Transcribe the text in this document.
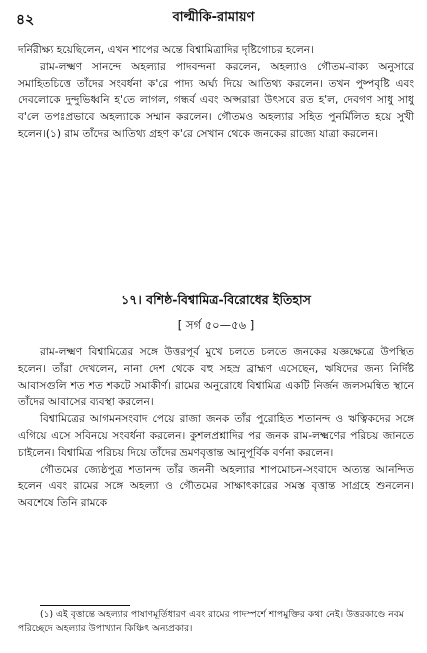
৪২	বাল্মীকি-রামায়ণ

দর্নিরীক্ষ্য হয়েছিলেন, এখন শাপের অন্তে বিশ্বামিত্রাদির দৃষ্টিগোচর হলেন।

রাম-লক্ষ্মণ সানন্দে অহল্যার পাদবন্দনা করলেন, অহল্যাও গৌতম-বাক্য অনুসারে সমাহিতচিত্তে তাঁদের সংবর্ধনা ক'রে পাদ্য অর্ঘ্য দিয়ে আতিথ্য করলেন। তখন পুষ্পবৃষ্টি এবং দেবলোকে দুন্দুভিধ্বনি হ'তে লাগল, গন্ধর্ব এবং অপ্সরারা উৎসবে রত হ'ল, দেবগণ সাধু সাধু ব'লে তপঃপ্রভাবে অহল্যাকে সম্মান করলেন। গৌতমও অহল্যার সহিত পুনর্মিলিত হয়ে সুখী হলেন।(১) রাম তাঁদের আতিথ্য গ্রহণ ক'রে সেখান থেকে জনকের রাজ্যে যাত্রা করলেন।

১৭। বশিষ্ঠ-বিশ্বামিত্র-বিরোধের ইতিহাস
[ সর্গ ৫০—৫৬ ]

রাম-লক্ষ্মণ বিশ্বামিত্রের সঙ্গে উত্তরপূর্ব মুখে চলতে চলতে জনকের যজ্ঞক্ষেত্রে উপস্থিত হলেন। তাঁরা দেখলেন, নানা দেশ থেকে বহু সহস্র ব্রাহ্মণ এসেছেন, ঋষিদের জন্য নির্দিষ্ট আবাসগুলি শত শত শকটে সমাকীর্ণ। রামের অনুরোধে বিশ্বামিত্র একটি নির্জন জলসমন্বিত স্থানে তাঁদের আবাসের ব্যবস্থা করলেন।

বিশ্বামিত্রের আগমনসংবাদ পেয়ে রাজা জনক তাঁর পুরোহিত শতানন্দ ও ঋত্বিকদের সঙ্গে এগিয়ে এসে সবিনয়ে সংবর্ধনা করলেন। কুশলপ্রশ্নাদির পর জনক রাম-লক্ষ্মণের পরিচয় জানতে চাইলেন। বিশ্বামিত্র পরিচয় দিয়ে তাঁদের ভ্রমণবৃত্তান্ত আনুপূর্বিক বর্ণনা করলেন।

গৌতমের জ্যেষ্ঠপুত্র শতানন্দ তাঁর জননী অহল্যার শাপমোচন-সংবাদে অত্যন্ত আনন্দিত হলেন এবং রামের সঙ্গে অহল্যা ও গৌতমের সাক্ষাৎকারের সমস্ত বৃত্তান্ত সাগ্রহে শুনলেন। অবশেষে তিনি রামকে

(১) এই বৃত্তান্তে অহল্যার পাষাণমূর্তিধারণ এবং রামের পাদস্পর্শে শাপমুক্তির কথা নেই। উত্তরকাণ্ডে নবম পরিচ্ছেদে অহল্যার উপাখ্যান কিঞ্চিৎ অন্যপ্রকার।
